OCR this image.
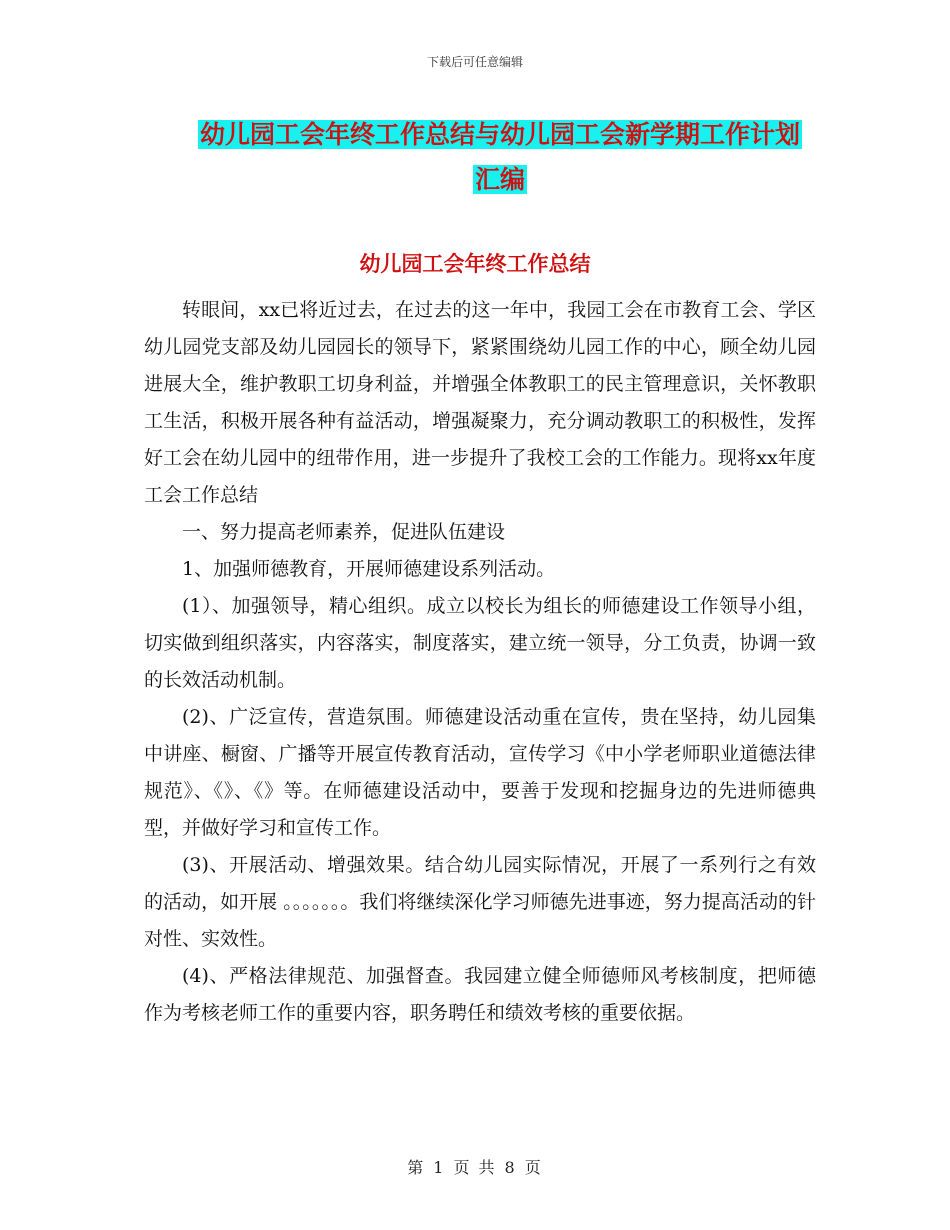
下载后可任意编辑
幼儿园工会年终工作总结与幼儿园工会新学期工作计划汇编
幼儿园工会年终工作总结

转眼间，xx已将近过去，在过去的这一年中，我园工会在市教育工会、学区幼儿园党支部及幼儿园园长的领导下，紧紧围绕幼儿园工作的中心，顾全幼儿园进展大全，维护教职工切身利益，并增强全体教职工的民主管理意识，关怀教职工生活，积极开展各种有益活动，增强凝聚力，充分调动教职工的积极性，发挥好工会在幼儿园中的纽带作用，进一步提升了我校工会的工作能力。现将xx年度工会工作总结

一、努力提高老师素养，促进队伍建设

1、加强师德教育，开展师德建设系列活动。

(1）、加强领导，精心组织。成立以校长为组长的师德建设工作领导小组，切实做到组织落实，内容落实，制度落实，建立统一领导，分工负责，协调一致的长效活动机制。

(2)、广泛宣传，营造氛围。师德建设活动重在宣传，贵在坚持，幼儿园集中讲座、橱窗、广播等开展宣传教育活动，宣传学习《中小学老师职业道德法律规范》、《》、《》等。在师德建设活动中，要善于发现和挖掘身边的先进师德典型，并做好学习和宣传工作。

(3)、开展活动、增强效果。结合幼儿园实际情况，开展了一系列行之有效的活动，如开展 。。。。。。。我们将继续深化学习师德先进事迹，努力提高活动的针对性、实效性。

(4)、严格法律规范、加强督查。我园建立健全师德师风考核制度，把师德作为考核老师工作的重要内容，职务聘任和绩效考核的重要依据。

第 1 页 共 8 页
